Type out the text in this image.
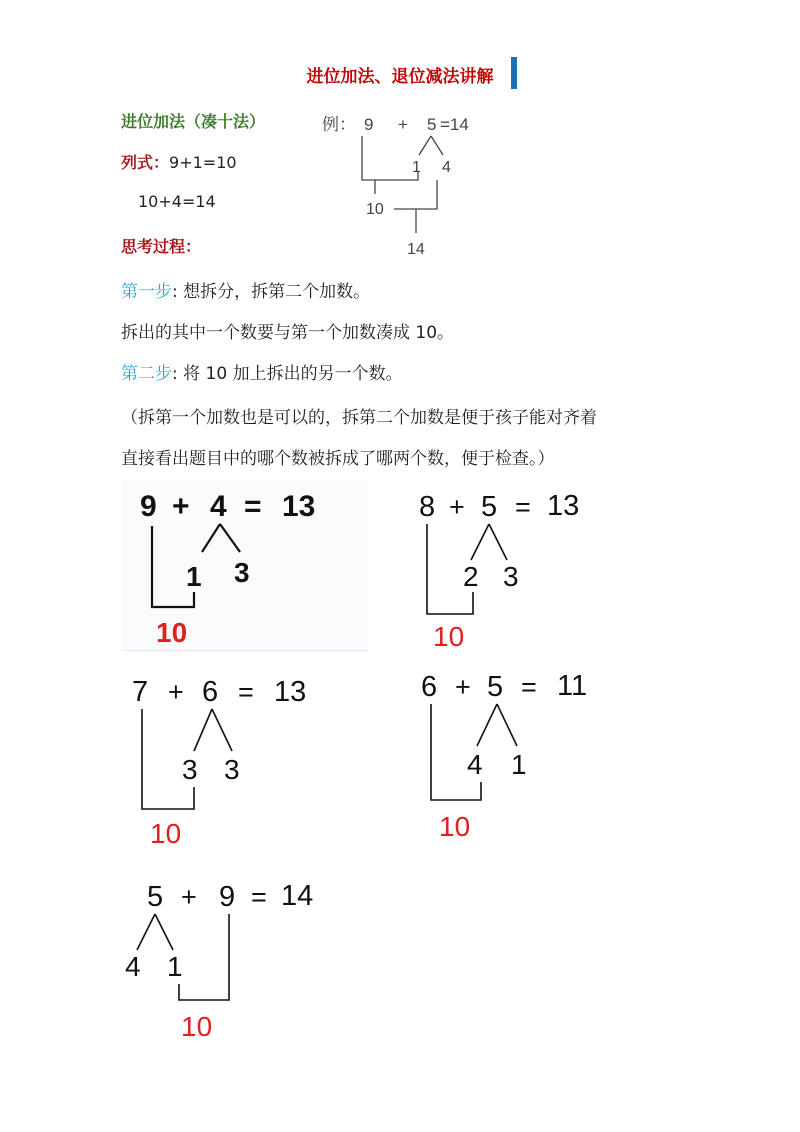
进位加法、退位减法讲解
进位加法（凑十法）
列式：9+1=10
10+4=14
思考过程：
第一步: 想拆分，拆第二个加数。
拆出的其中一个数要与第一个加数凑成 10。
第二步: 将 10 加上拆出的另一个数。
（拆第一个加数也是可以的，拆第二个加数是便于孩子能对齐着
直接看出题目中的哪个数被拆成了哪两个数，便于检查。）
例： 9 + 5 =14
1 4
10
14
9 + 4 = 13
1 3
10
8 + 5 = 13
2 3
10
7 + 6 = 13
3 3
10
6 + 5 = 11
4 1
10
5 + 9 = 14
4 1
10
